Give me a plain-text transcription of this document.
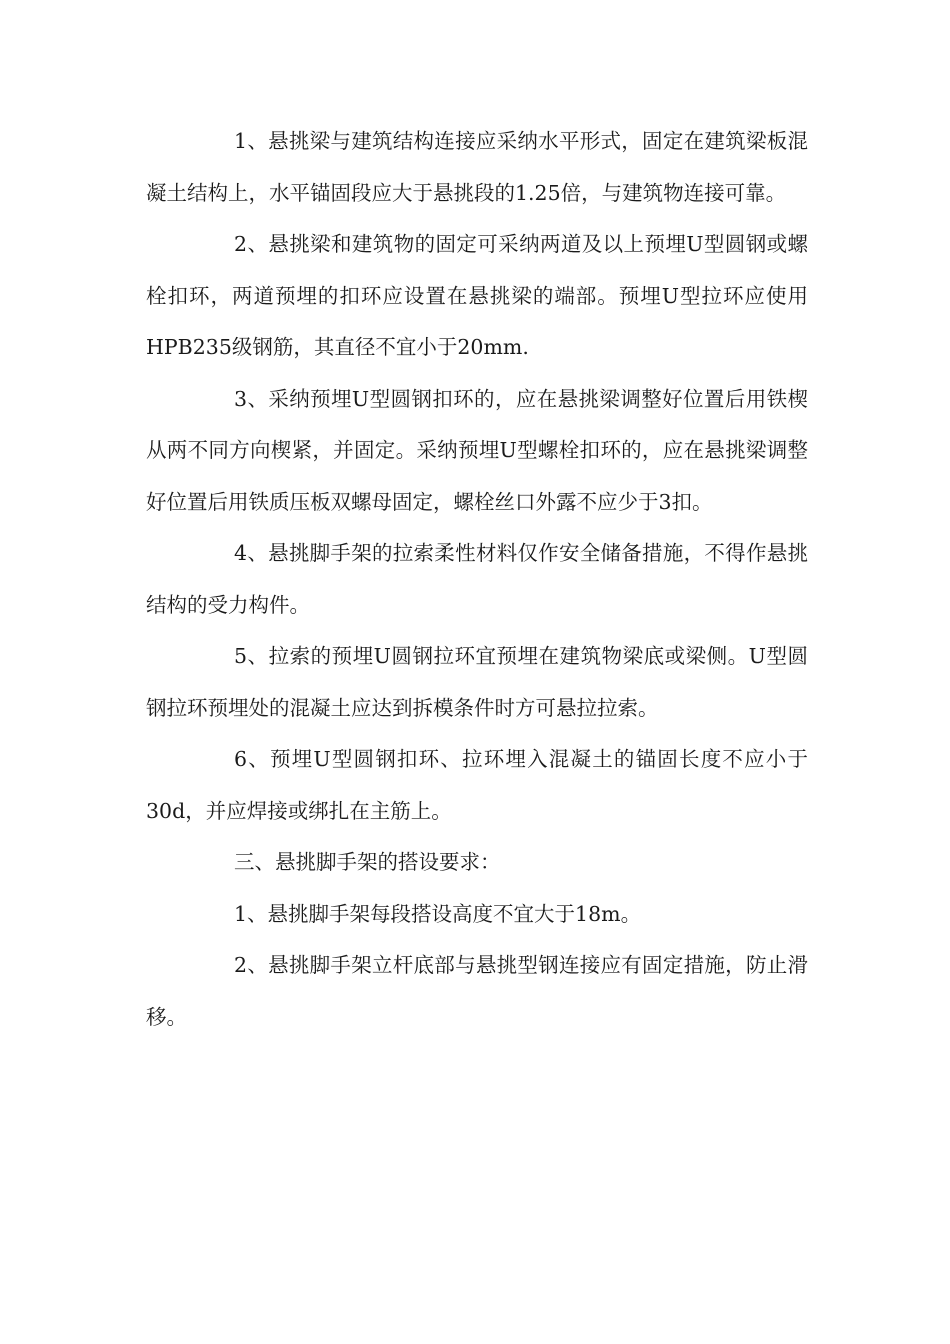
1、悬挑梁与建筑结构连接应采纳水平形式，固定在建筑梁板混凝土结构上，水平锚固段应大于悬挑段的1.25倍，与建筑物连接可靠。

2、悬挑梁和建筑物的固定可采纳两道及以上预埋U型圆钢或螺栓扣环，两道预埋的扣环应设置在悬挑梁的端部。预埋U型拉环应使用HPB235级钢筋，其直径不宜小于20mm.

3、采纳预埋U型圆钢扣环的，应在悬挑梁调整好位置后用铁楔从两不同方向楔紧，并固定。采纳预埋U型螺栓扣环的，应在悬挑梁调整好位置后用铁质压板双螺母固定，螺栓丝口外露不应少于3扣。

4、悬挑脚手架的拉索柔性材料仅作安全储备措施，不得作悬挑结构的受力构件。

5、拉索的预埋U圆钢拉环宜预埋在建筑物梁底或梁侧。U型圆钢拉环预埋处的混凝土应达到拆模条件时方可悬拉拉索。

6、预埋U型圆钢扣环、拉环埋入混凝土的锚固长度不应小于30d，并应焊接或绑扎在主筋上。

三、悬挑脚手架的搭设要求：

1、悬挑脚手架每段搭设高度不宜大于18m。

2、悬挑脚手架立杆底部与悬挑型钢连接应有固定措施，防止滑移。
